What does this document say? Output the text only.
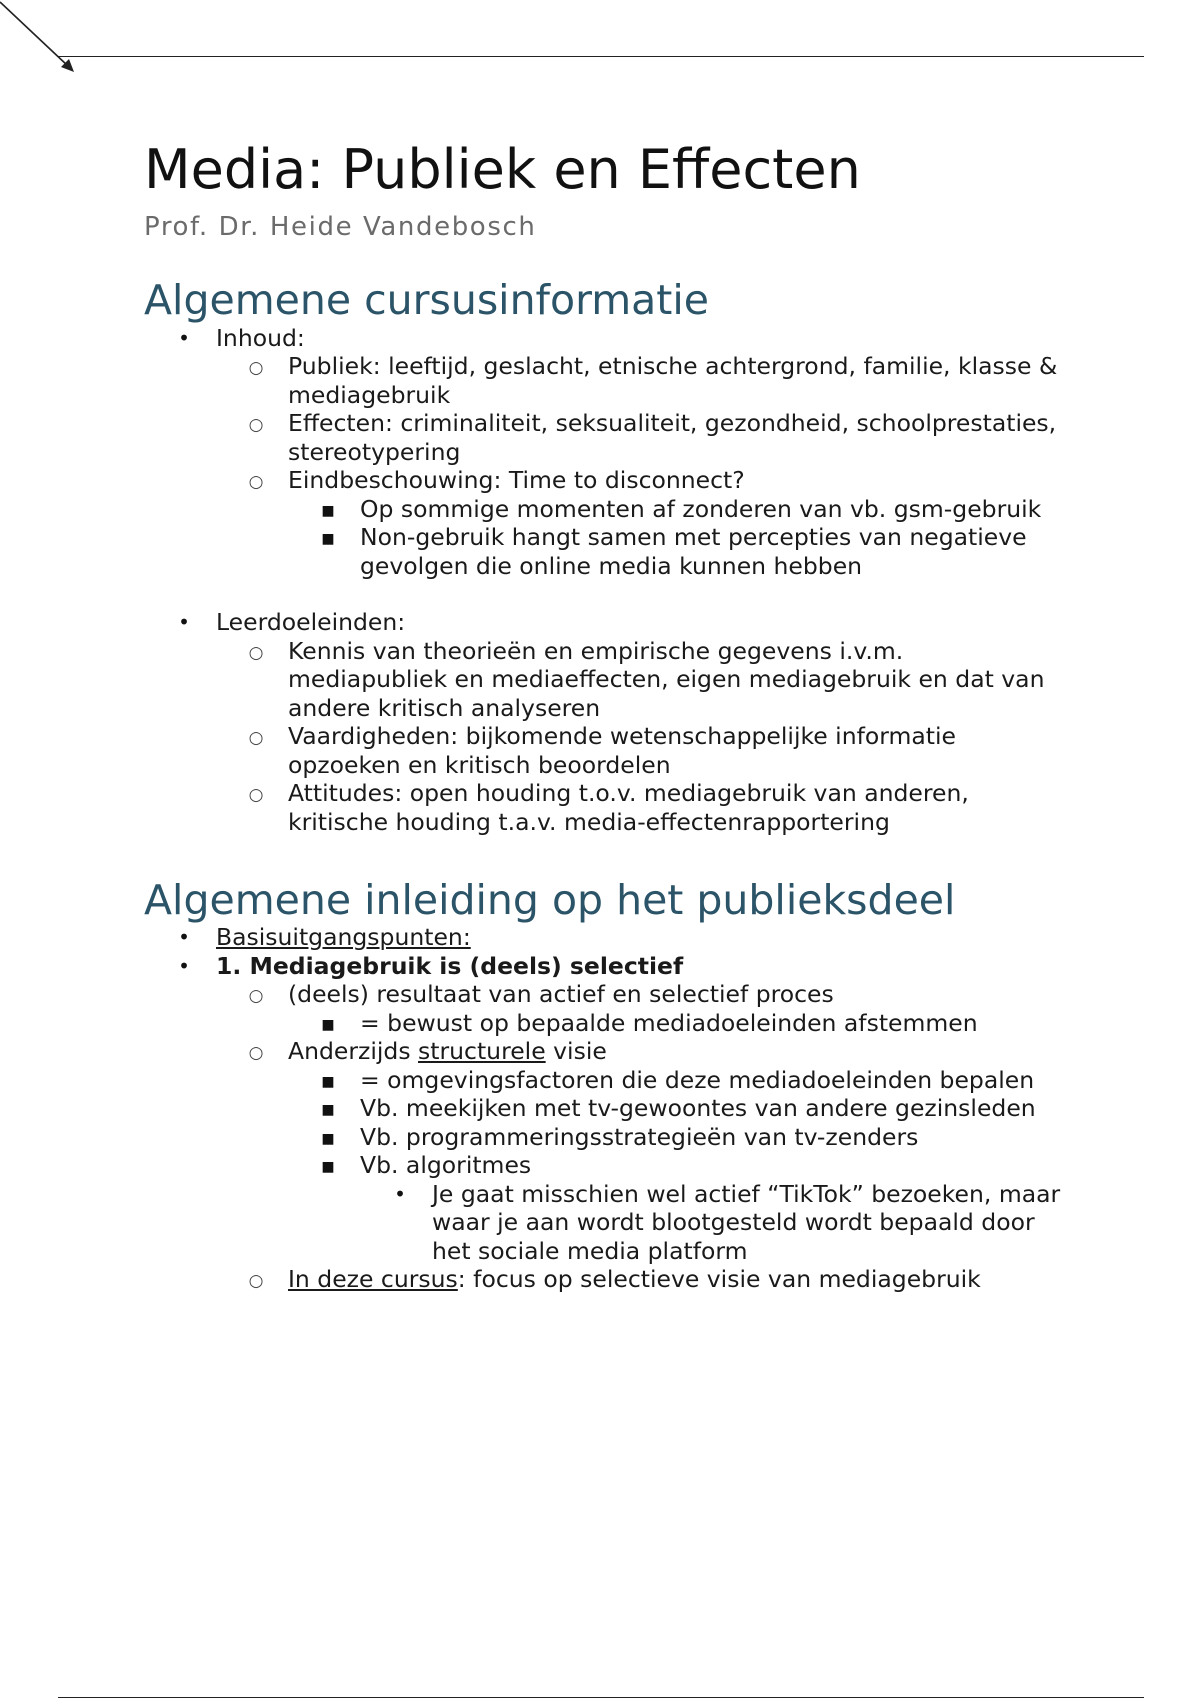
Media: Publiek en Effecten
Prof. Dr. Heide Vandebosch
Algemene cursusinformatie
•	Inhoud:
○	Publiek: leeftijd, geslacht, etnische achtergrond, familie, klasse & mediagebruik
○	Effecten: criminaliteit, seksualiteit, gezondheid, schoolprestaties, stereotypering
○	Eindbeschouwing: Time to disconnect?
■	Op sommige momenten af zonderen van vb. gsm-gebruik
■	Non-gebruik hangt samen met percepties van negatieve gevolgen die online media kunnen hebben
•	Leerdoeleinden:
○	Kennis van theorieën en empirische gegevens i.v.m. mediapubliek en mediaeffecten, eigen mediagebruik en dat van andere kritisch analyseren
○	Vaardigheden: bijkomende wetenschappelijke informatie opzoeken en kritisch beoordelen
○	Attitudes: open houding t.o.v. mediagebruik van anderen, kritische houding t.a.v. media-effectenrapportering
Algemene inleiding op het publieksdeel
•	Basisuitgangspunten:
•	1. Mediagebruik is (deels) selectief
○	(deels) resultaat van actief en selectief proces
■	= bewust op bepaalde mediadoeleinden afstemmen
○	Anderzijds structurele visie
■	= omgevingsfactoren die deze mediadoeleinden bepalen
■	Vb. meekijken met tv-gewoontes van andere gezinsleden
■	Vb. programmeringsstrategieën van tv-zenders
■	Vb. algoritmes
•	Je gaat misschien wel actief “TikTok” bezoeken, maar waar je aan wordt blootgesteld wordt bepaald door het sociale media platform
○	In deze cursus: focus op selectieve visie van mediagebruik
